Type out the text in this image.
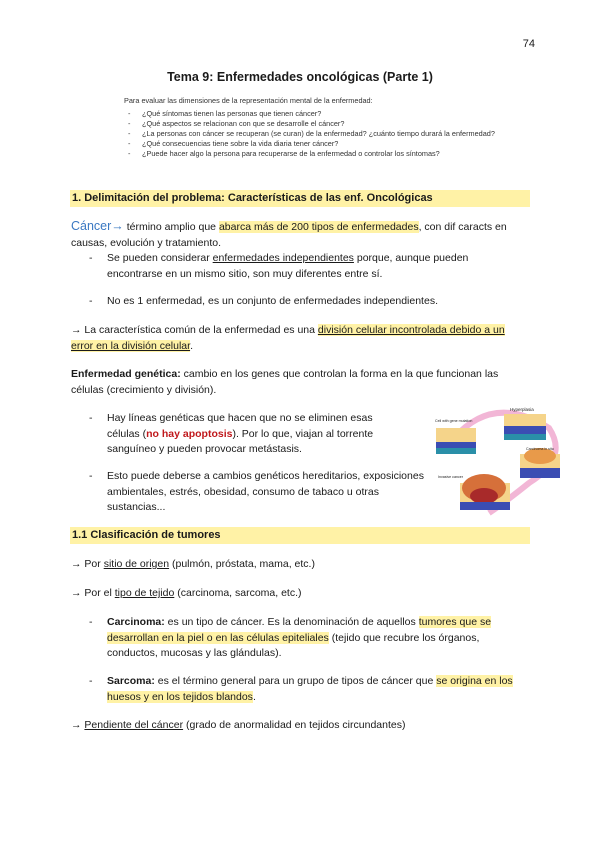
74
Tema 9: Enfermedades oncológicas (Parte 1)
Para evaluar las dimensiones de la representación mental de la enfermedad:
- ¿Qué síntomas tienen las personas que tienen cáncer?
- ¿Qué aspectos se relacionan con que se desarrolle el cáncer?
- ¿La personas con cáncer se recuperan (se curan) de la enfermedad? ¿cuánto tiempo durará la enfermedad?
- ¿Qué consecuencias tiene sobre la vida diaria tener cáncer?
- ¿Puede hacer algo la persona para recuperarse de la enfermedad o controlar los síntomas?
1. Delimitación del problema: Características de las enf. Oncológicas
Cáncer→ término amplio que abarca más de 200 tipos de enfermedades, con dif caracts en causas, evolución y tratamiento.
- Se pueden considerar enfermedades independientes porque, aunque pueden encontrarse en un mismo sitio, son muy diferentes entre sí.
- No es 1 enfermedad, es un conjunto de enfermedades independientes.
→ La característica común de la enfermedad es una división celular incontrolada debido a un error en la división celular.
Enfermedad genética: cambio en los genes que controlan la forma en la que funcionan las células (crecimiento y división).
- Hay líneas genéticas que hacen que no se eliminen esas células (no hay apoptosis). Por lo que, viajan al torrente sanguíneo y pueden provocar metástasis.
- Esto puede deberse a cambios genéticos hereditarios, exposiciones ambientales, estrés, obesidad, consumo de tabaco u otras sustancias...
Hyperplasia
Cell with gene mutation
Carcinoma in situ
Invasive cancer
1.1 Clasificación de tumores
→ Por sitio de origen (pulmón, próstata, mama, etc.)
→ Por el tipo de tejido (carcinoma, sarcoma, etc.)
- Carcinoma: es un tipo de cáncer. Es la denominación de aquellos tumores que se desarrollan en la piel o en las células epiteliales (tejido que recubre los órganos, conductos, mucosas y las glándulas).
- Sarcoma: es el término general para un grupo de tipos de cáncer que se origina en los huesos y en los tejidos blandos.
→ Pendiente del cáncer (grado de anormalidad en tejidos circundantes)
